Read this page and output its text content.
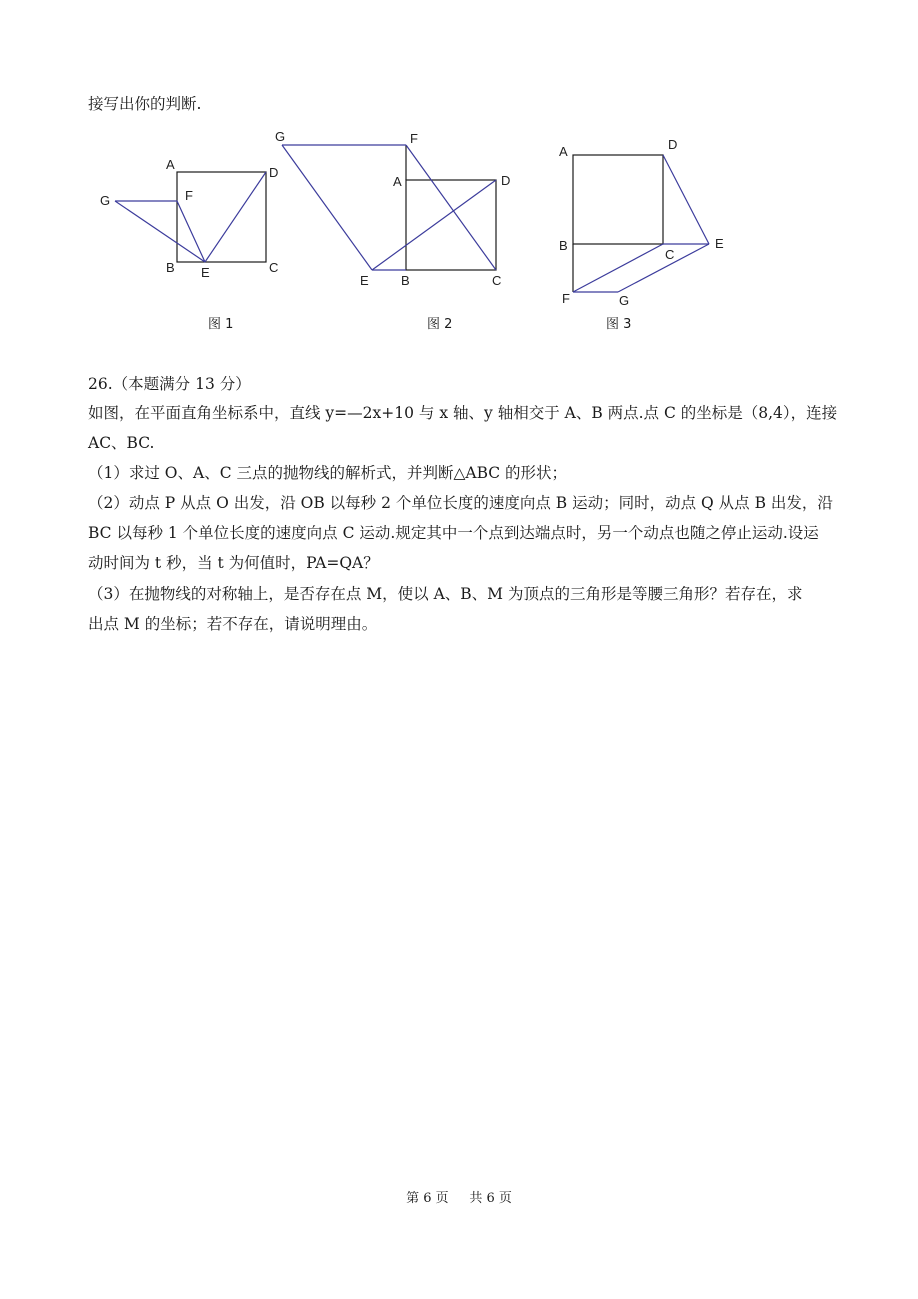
接写出你的判断.
A
D
F
G
B E	C
图 1
G	F
A	D
E B	C
图 2
A	D
B
C
E
F	G
图 3
26.（本题满分 13 分）
如图，在平面直角坐标系中，直线 y=—2x+10 与 x 轴、y 轴相交于 A、B 两点.点 C 的坐标是（8,4），连接
AC、BC.
（1）求过 O、A、C 三点的抛物线的解析式，并判断△ABC 的形状；
（2）动点 P 从点 O 出发，沿 OB 以每秒 2 个单位长度的速度向点 B 运动；同时，动点 Q 从点 B 出发，沿
BC 以每秒 1 个单位长度的速度向点 C 运动.规定其中一个点到达端点时，另一个动点也随之停止运动.设运
动时间为 t 秒，当 t 为何值时，PA=QA？
（3）在抛物线的对称轴上，是否存在点 M，使以 A、B、M 为顶点的三角形是等腰三角形？若存在，求
出点 M 的坐标；若不存在，请说明理由。
第 6 页     共 6 页
